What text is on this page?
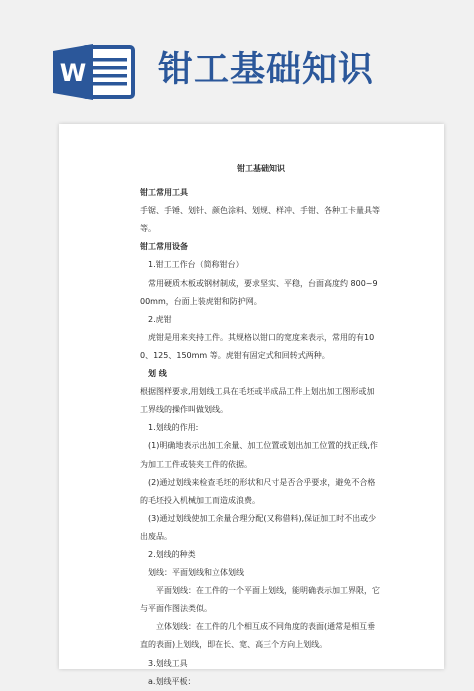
W 钳工基础知识

钳工基础知识

钳工常用工具

手锯、手锤、划针、颜色涂料、划规、样冲、手钳、各种工卡量具等等。

钳工常用设备

1.钳工工作台（简称钳台）

常用硬质木板或钢材制成，要求坚实、平稳，台面高度约 800~900mm，台面上装虎钳和防护网。

2.虎钳

虎钳是用来夹持工件。其规格以钳口的宽度来表示，常用的有100、125、150mm 等。虎钳有固定式和回转式两种。

划 线

根据图样要求,用划线工具在毛坯或半成品工件上划出加工图形或加工界线的操作叫做划线。

1.划线的作用:

(1)明确地表示出加工余量、加工位置或划出加工位置的找正线,作为加工工件或装夹工件的依据。

(2)通过划线来检查毛坯的形状和尺寸是否合乎要求，避免不合格的毛坯投入机械加工而造成浪费。

(3)通过划线使加工余量合理分配(又称借料),保证加工时不出或少出废品。

2.划线的种类

划线：平面划线和立体划线

平面划线：在工件的一个平面上划线，能明确表示加工界限，它与平面作图法类似。

立体划线：在工件的几个相互成不同角度的表面(通常是相互垂直的表面)上划线，即在长、宽、高三个方向上划线。

3.划线工具

a.划线平板：
